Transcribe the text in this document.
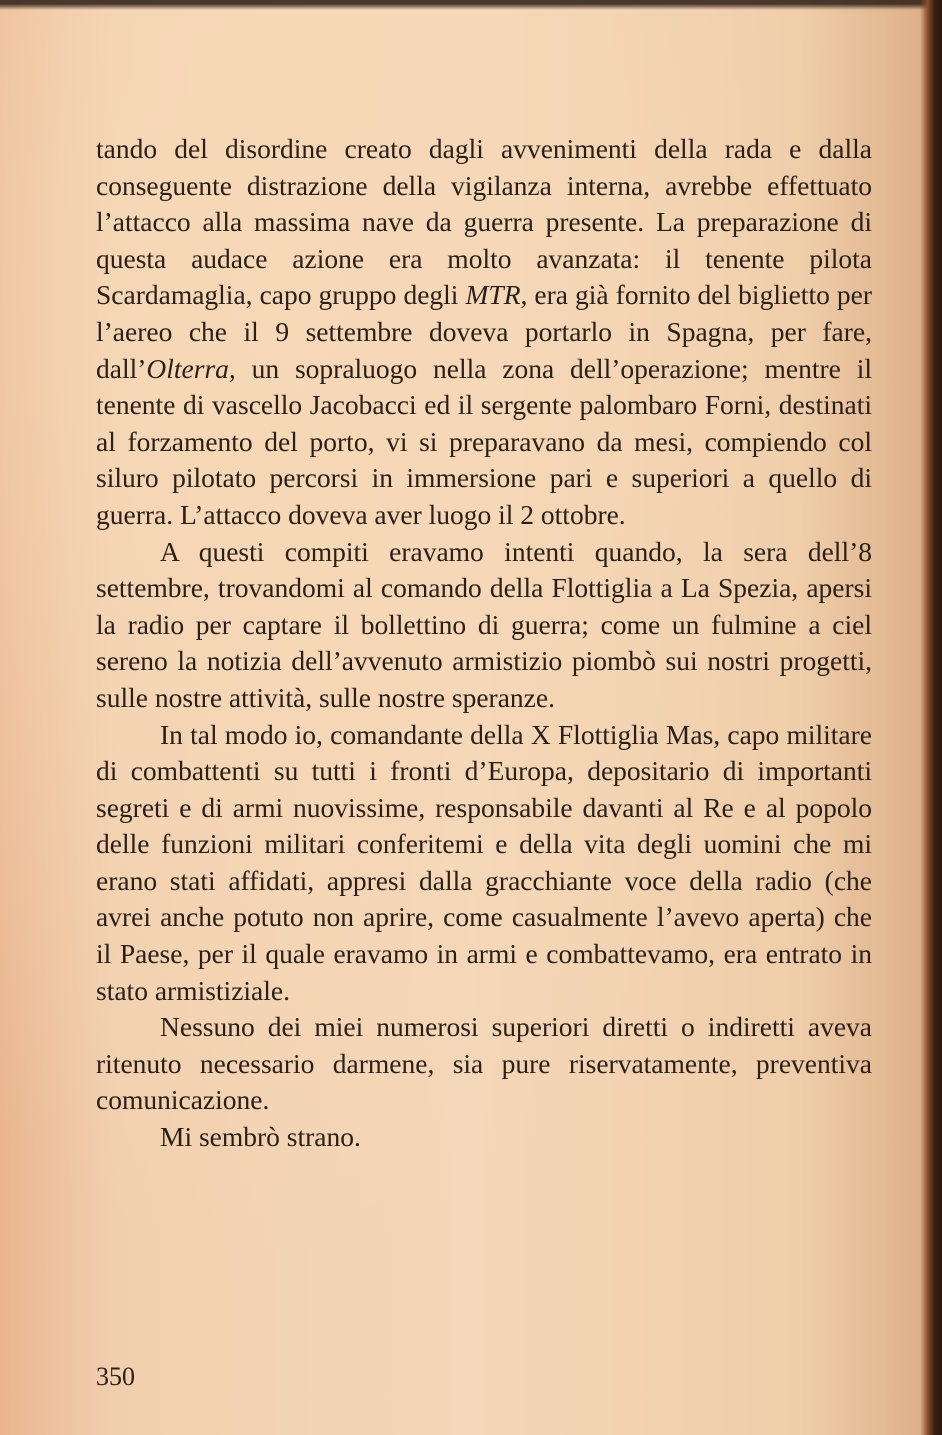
tando del disordine creato dagli avvenimenti della rada e dalla conseguente distrazione della vigilanza interna, avrebbe effettuato l’attacco alla massima nave da guerra presente. La preparazione di questa audace azione era molto avanzata: il tenente pilota Scardamaglia, capo gruppo degli MTR, era già fornito del biglietto per l’aereo che il 9 settembre doveva portarlo in Spagna, per fare, dall’Olterra, un sopraluogo nella zona dell’operazione; mentre il tenente di vascello Jacobacci ed il sergente palombaro Forni, destinati al forzamento del porto, vi si preparavano da mesi, compiendo col siluro pilotato percorsi in immersione pari e superiori a quello di guerra. L’attacco doveva aver luogo il 2 ottobre.

A questi compiti eravamo intenti quando, la sera dell’8 settembre, trovandomi al comando della Flottiglia a La Spezia, apersi la radio per captare il bollettino di guerra; come un fulmine a ciel sereno la notizia dell’avvenuto armistizio piombò sui nostri progetti, sulle nostre attività, sulle nostre speranze.

In tal modo io, comandante della X Flottiglia Mas, capo militare di combattenti su tutti i fronti d’Europa, depositario di importanti segreti e di armi nuovissime, responsabile davanti al Re e al popolo delle funzioni militari conferitemi e della vita degli uomini che mi erano stati affidati, appresi dalla gracchiante voce della radio (che avrei anche potuto non aprire, come casualmente l’avevo aperta) che il Paese, per il quale eravamo in armi e combattevamo, era entrato in stato armistiziale.

Nessuno dei miei numerosi superiori diretti o indiretti aveva ritenuto necessario darmene, sia pure riservatamente, preventiva comunicazione.

Mi sembrò strano.

350
